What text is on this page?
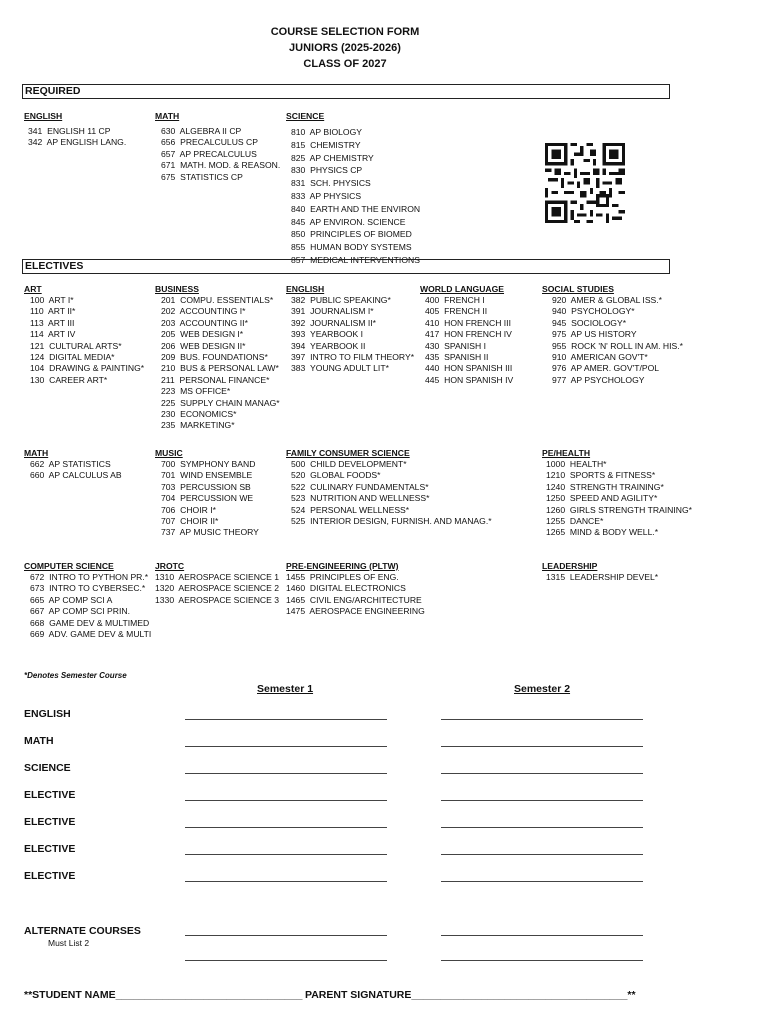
COURSE SELECTION FORM
JUNIORS (2025-2026)
CLASS OF 2027
REQUIRED
ENGLISH
341  ENGLISH 11 CP
342  AP ENGLISH LANG.
MATH
630  ALGEBRA II CP
656  PRECALCULUS CP
657  AP PRECALCULUS
671  MATH. MOD. & REASON.
675  STATISTICS CP
SCIENCE
810  AP BIOLOGY
815  CHEMISTRY
825  AP CHEMISTRY
830  PHYSICS CP
831  SCH. PHYSICS
833  AP PHYSICS
840  EARTH AND THE ENVIRON
845  AP ENVIRON. SCIENCE
850  PRINCIPLES OF BIOMED
855  HUMAN BODY SYSTEMS
857  MEDICAL INTERVENTIONS
ELECTIVES
ART
100  ART I*
110  ART II*
113  ART III
114  ART IV
121  CULTURAL ARTS*
124  DIGITAL MEDIA*
104  DRAWING & PAINTING*
130  CAREER ART*
BUSINESS
201  COMPU. ESSENTIALS*
202  ACCOUNTING I*
203  ACCOUNTING II*
205  WEB DESIGN I*
206  WEB DESIGN II*
209  BUS. FOUNDATIONS*
210  BUS & PERSONAL LAW*
211  PERSONAL FINANCE*
223  MS OFFICE*
225  SUPPLY CHAIN MANAG*
230  ECONOMICS*
235  MARKETING*
ENGLISH
382  PUBLIC SPEAKING*
391  JOURNALISM I*
392  JOURNALISM II*
393  YEARBOOK I
394  YEARBOOK II
397  INTRO TO FILM THEORY*
383  YOUNG ADULT LIT*
WORLD LANGUAGE
400  FRENCH I
405  FRENCH II
410  HON FRENCH III
417  HON FRENCH IV
430  SPANISH I
435  SPANISH II
440  HON SPANISH III
445  HON SPANISH IV
SOCIAL STUDIES
920  AMER & GLOBAL ISS.*
940  PSYCHOLOGY*
945  SOCIOLOGY*
975  AP US HISTORY
955  ROCK 'N' ROLL IN AM. HIS.*
910  AMERICAN GOV'T*
976  AP AMER. GOV'T/POL
977  AP PSYCHOLOGY
MATH
662  AP STATISTICS
660  AP CALCULUS AB
MUSIC
700  SYMPHONY BAND
701  WIND ENSEMBLE
703  PERCUSSION SB
704  PERCUSSION WE
706  CHOIR I*
707  CHOIR II*
737  AP MUSIC THEORY
FAMILY CONSUMER SCIENCE
500  CHILD DEVELOPMENT*
520  GLOBAL FOODS*
522  CULINARY FUNDAMENTALS*
523  NUTRITION AND WELLNESS*
524  PERSONAL WELLNESS*
525  INTERIOR DESIGN, FURNISH. AND MANAG.*
PE/HEALTH
1000  HEALTH*
1210  SPORTS & FITNESS*
1240  STRENGTH TRAINING*
1250  SPEED AND AGILITY*
1260  GIRLS STRENGTH TRAINING*
1255  DANCE*
1265  MIND & BODY WELL.*
COMPUTER SCIENCE
672  INTRO TO PYTHON PR.*
673  INTRO TO CYBERSEC.*
665  AP COMP SCI A
667  AP COMP SCI PRIN.
668  GAME DEV & MULTIMED
669  ADV. GAME DEV & MULTI
JROTC
1310  AEROSPACE SCIENCE 1
1320  AEROSPACE SCIENCE 2
1330  AEROSPACE SCIENCE 3
PRE-ENGINEERING (PLTW)
1455  PRINCIPLES OF ENG.
1460  DIGITAL ELECTRONICS
1465  CIVIL ENG/ARCHITECTURE
1475  AEROSPACE ENGINEERING
LEADERSHIP
1315  LEADERSHIP DEVEL*
*Denotes Semester Course
Semester 1	Semester 2
ENGLISH
MATH
SCIENCE
ELECTIVE
ELECTIVE
ELECTIVE
ELECTIVE
ALTERNATE COURSES
Must List 2
**STUDENT NAME________________________________ PARENT SIGNATURE_____________________________________**
